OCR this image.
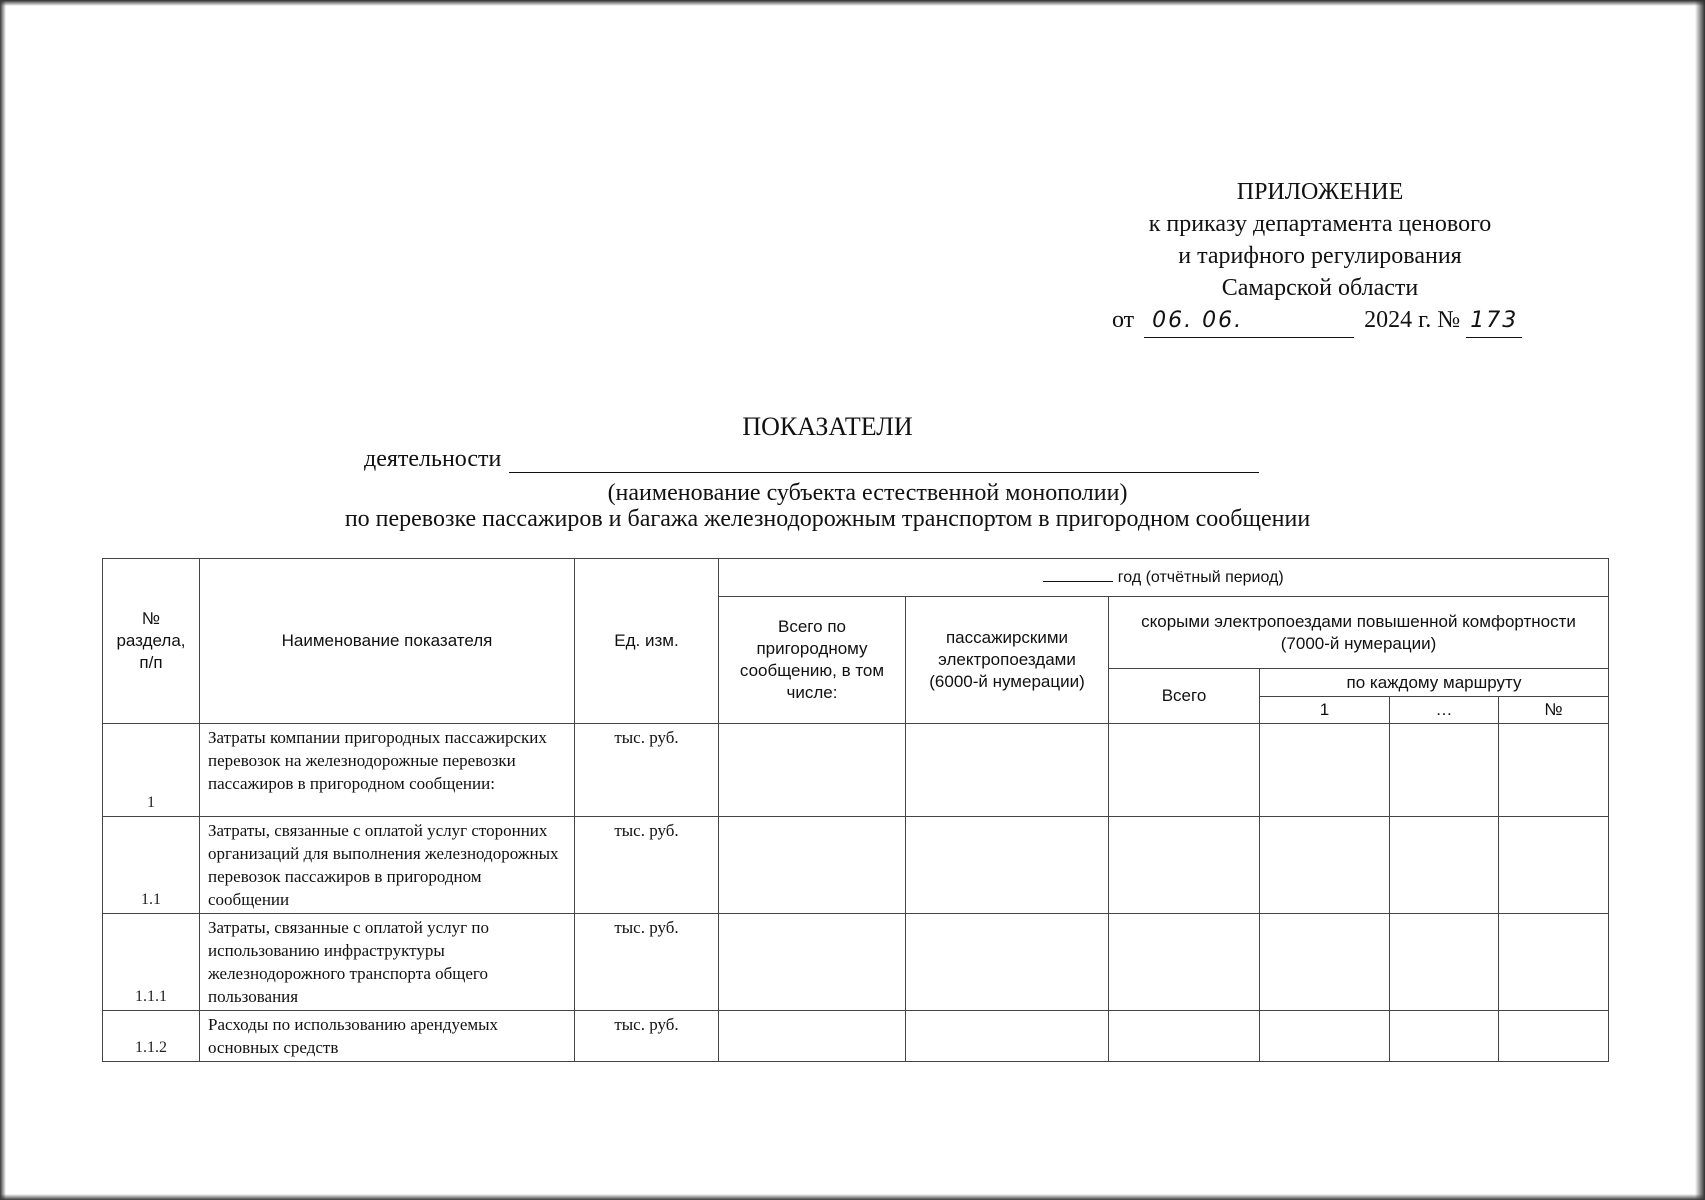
ПРИЛОЖЕНИЕ
к приказу департамента ценового
и тарифного регулирования
Самарской области
от 06. 06.	2024 г. № 173
ПОКАЗАТЕЛИ
деятельности
(наименование субъекта естественной монополии)
по перевозке пассажиров и багажа железнодорожным транспортом в пригородном сообщении
№ раздела, п/п	Наименование показателя	Ед. изм.	год (отчётный период)					
			Всего по пригородному сообщению, в том числе:	пассажирскими электропоездами (6000-й нумерации)	скорыми электропоездами повышенной комфортности (7000-й нумерации)			
					Всего	по каждому маршруту		
						1	…	№
1	Затраты компании пригородных пассажирских перевозок на железнодорожные перевозки пассажиров в пригородном сообщении:	тыс. руб.						
1.1	Затраты, связанные с оплатой услуг сторонних организаций для выполнения железнодорожных перевозок пассажиров в пригородном сообщении	тыс. руб.						
1.1.1	Затраты, связанные с оплатой услуг по использованию инфраструктуры железнодорожного транспорта общего пользования	тыс. руб.						
1.1.2	Расходы по использованию арендуемых основных средств	тыс. руб.						
